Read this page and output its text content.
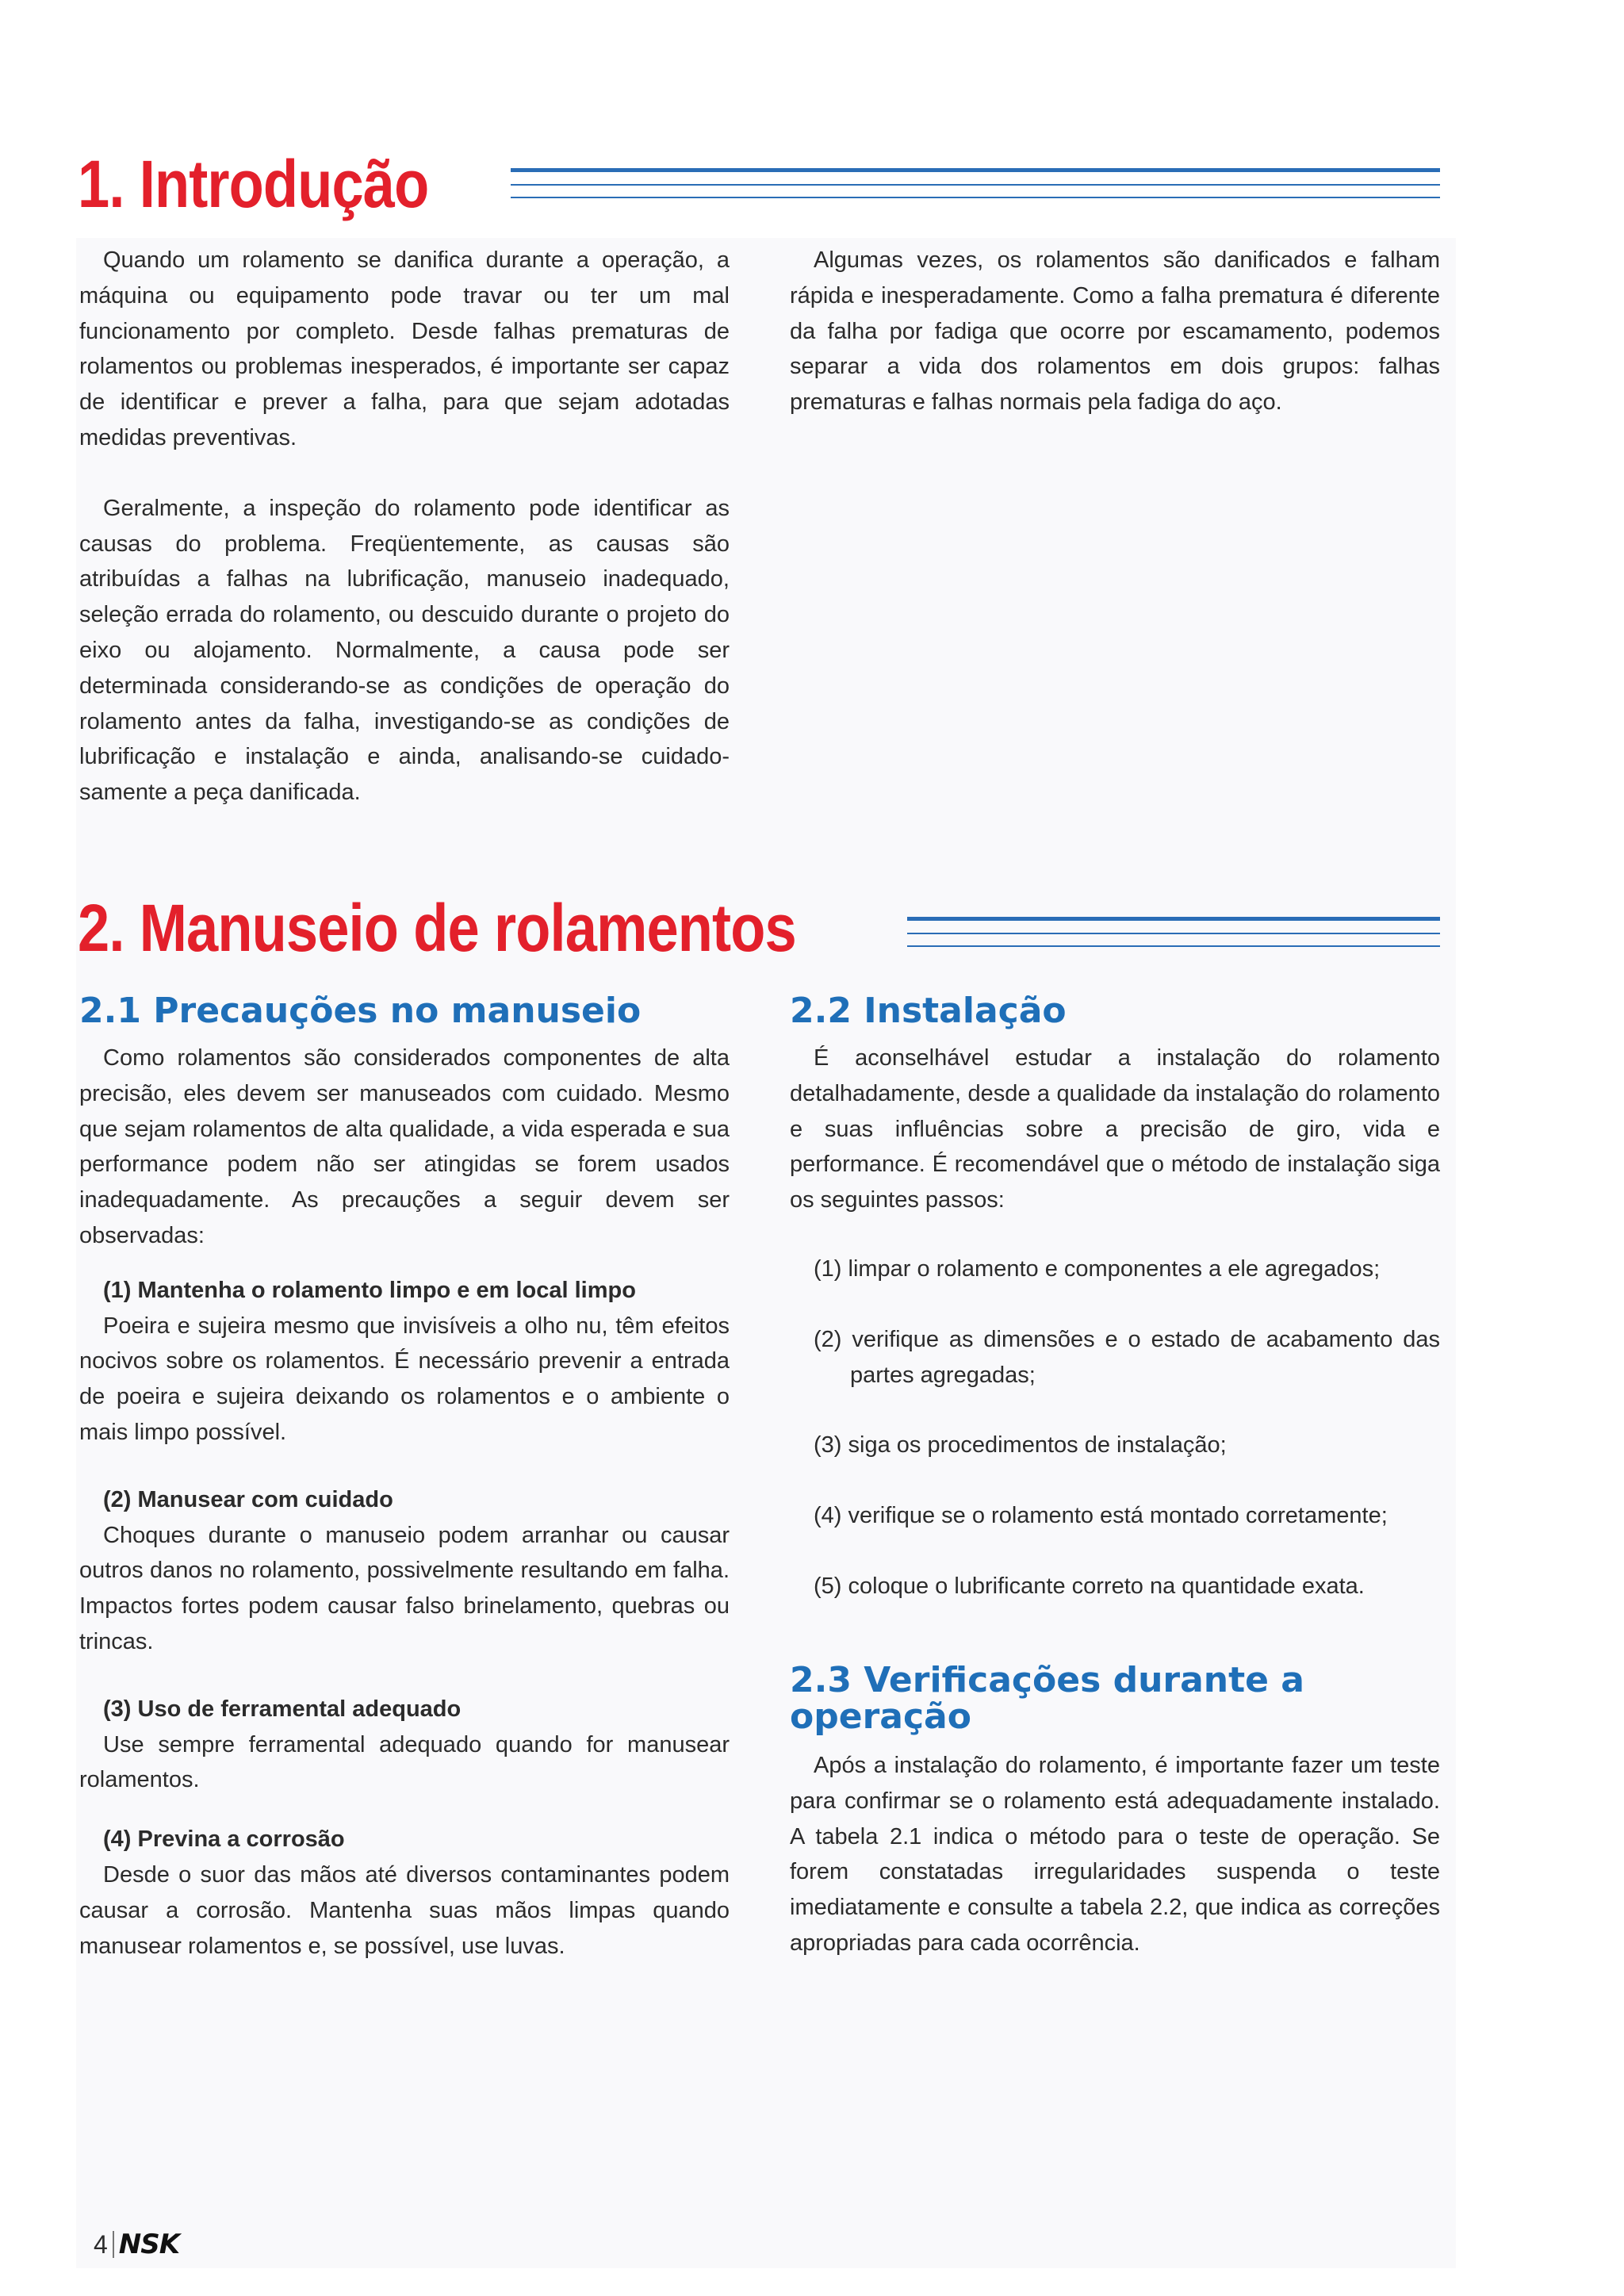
1. Introdução

Quando um rolamento se danifica durante a operação, a máquina ou equipamento pode travar ou ter um mal funcionamento por completo. Desde falhas prematuras de rolamentos ou problemas inesperados, é importante ser capaz de identificar e prever a falha, para que sejam adotadas medidas preventivas.

Geralmente, a inspeção do rolamento pode identificar as causas do problema. Freqüentemente, as causas são atribuídas a falhas na lubrificação, manuseio inadequado, seleção errada do rolamento, ou descuido durante o projeto do eixo ou alojamento. Normalmente, a causa pode ser determinada considerando-se as condições de operação do rolamento antes da falha, investigando-se as condições de lubrificação e instalação e ainda, analisando-se cuidado-samente a peça danificada.

Algumas vezes, os rolamentos são danificados e falham rápida e inesperadamente. Como a falha prematura é diferente da falha por fadiga que ocorre por escamamento, podemos separar a vida dos rolamentos em dois grupos: falhas prematuras e falhas normais pela fadiga do aço.

2. Manuseio de rolamentos
2.1 Precauções no manuseio

Como rolamentos são considerados componentes de alta precisão, eles devem ser manuseados com cuidado. Mesmo que sejam rolamentos de alta qualidade, a vida esperada e sua performance podem não ser atingidas se forem usados inadequadamente. As precauções a seguir devem ser observadas:

(1) Mantenha o rolamento limpo e em local limpo

Poeira e sujeira mesmo que invisíveis a olho nu, têm efeitos nocivos sobre os rolamentos. É necessário prevenir a entrada de poeira e sujeira deixando os rolamentos e o ambiente o mais limpo possível.

(2) Manusear com cuidado

Choques durante o manuseio podem arranhar ou causar outros danos no rolamento, possivelmente resultando em falha. Impactos fortes podem causar falso brinelamento, quebras ou trincas.

(3) Uso de ferramental adequado

Use sempre ferramental adequado quando for manusear rolamentos.

(4) Previna a corrosão

Desde o suor das mãos até diversos contaminantes podem causar a corrosão. Mantenha suas mãos limpas quando manusear rolamentos e, se possível, use luvas.

2.2 Instalação

É aconselhável estudar a instalação do rolamento detalhadamente, desde a qualidade da instalação do rolamento e suas influências sobre a precisão de giro, vida e performance. É recomendável que o método de instalação siga os seguintes passos:

(1) limpar o rolamento e componentes a ele agregados;

(2) verifique as dimensões e o estado de acabamento das partes agregadas;

(3) siga os procedimentos de instalação;

(4) verifique se o rolamento está montado corretamente;

(5) coloque o lubrificante correto na quantidade exata.

2.3 Verificações durante a
operação

Após a instalação do rolamento, é importante fazer um teste para confirmar se o rolamento está adequadamente instalado. A tabela 2.1 indica o método para o teste de operação. Se forem constatadas irregularidades suspenda o teste imediatamente e consulte a tabela 2.2, que indica as correções apropriadas para cada ocorrência.

4 NSK
